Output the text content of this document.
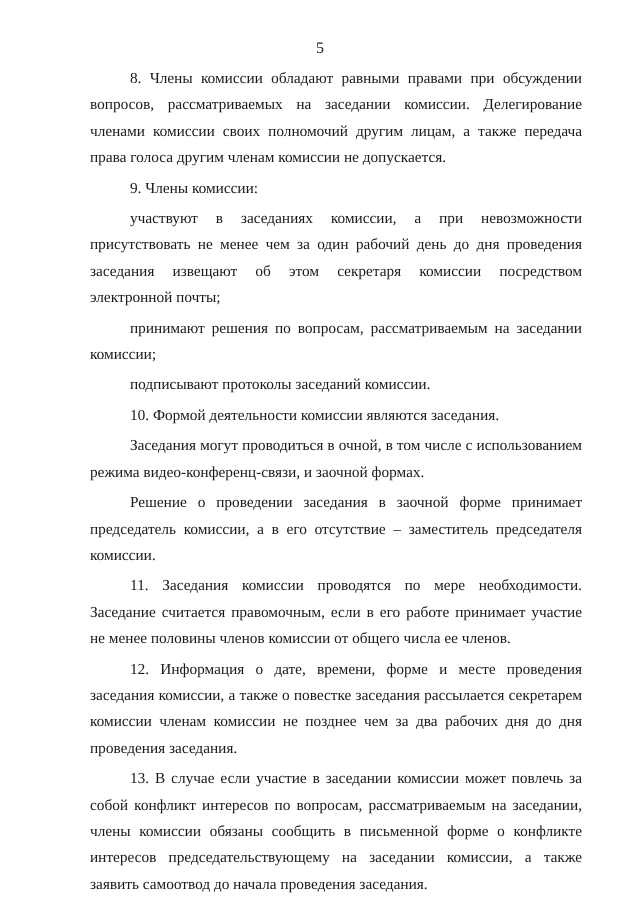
5

8. Члены комиссии обладают равными правами при обсуждении вопросов, рассматриваемых на заседании комиссии. Делегирование членами комиссии своих полномочий другим лицам, а также передача права голоса другим членам комиссии не допускается.

9. Члены комиссии:

участвуют в заседаниях комиссии, а при невозможности присутствовать не менее чем за один рабочий день до дня проведения заседания извещают об этом секретаря комиссии посредством электронной почты;

принимают решения по вопросам, рассматриваемым на заседании комиссии;

подписывают протоколы заседаний комиссии.

10. Формой деятельности комиссии являются заседания.

Заседания могут проводиться в очной, в том числе с использованием режима видео-конференц-связи, и заочной формах.

Решение о проведении заседания в заочной форме принимает председатель комиссии, а в его отсутствие – заместитель председателя комиссии.

11. Заседания комиссии проводятся по мере необходимости. Заседание считается правомочным, если в его работе принимает участие не менее половины членов комиссии от общего числа ее членов.

12. Информация о дате, времени, форме и месте проведения заседания комиссии, а также о повестке заседания рассылается секретарем комиссии членам комиссии не позднее чем за два рабочих дня до дня проведения заседания.

13. В случае если участие в заседании комиссии может повлечь за собой конфликт интересов по вопросам, рассматриваемым на заседании, члены комиссии обязаны сообщить в письменной форме о конфликте интересов председательствующему на заседании комиссии, а также заявить самоотвод до начала проведения заседания.
